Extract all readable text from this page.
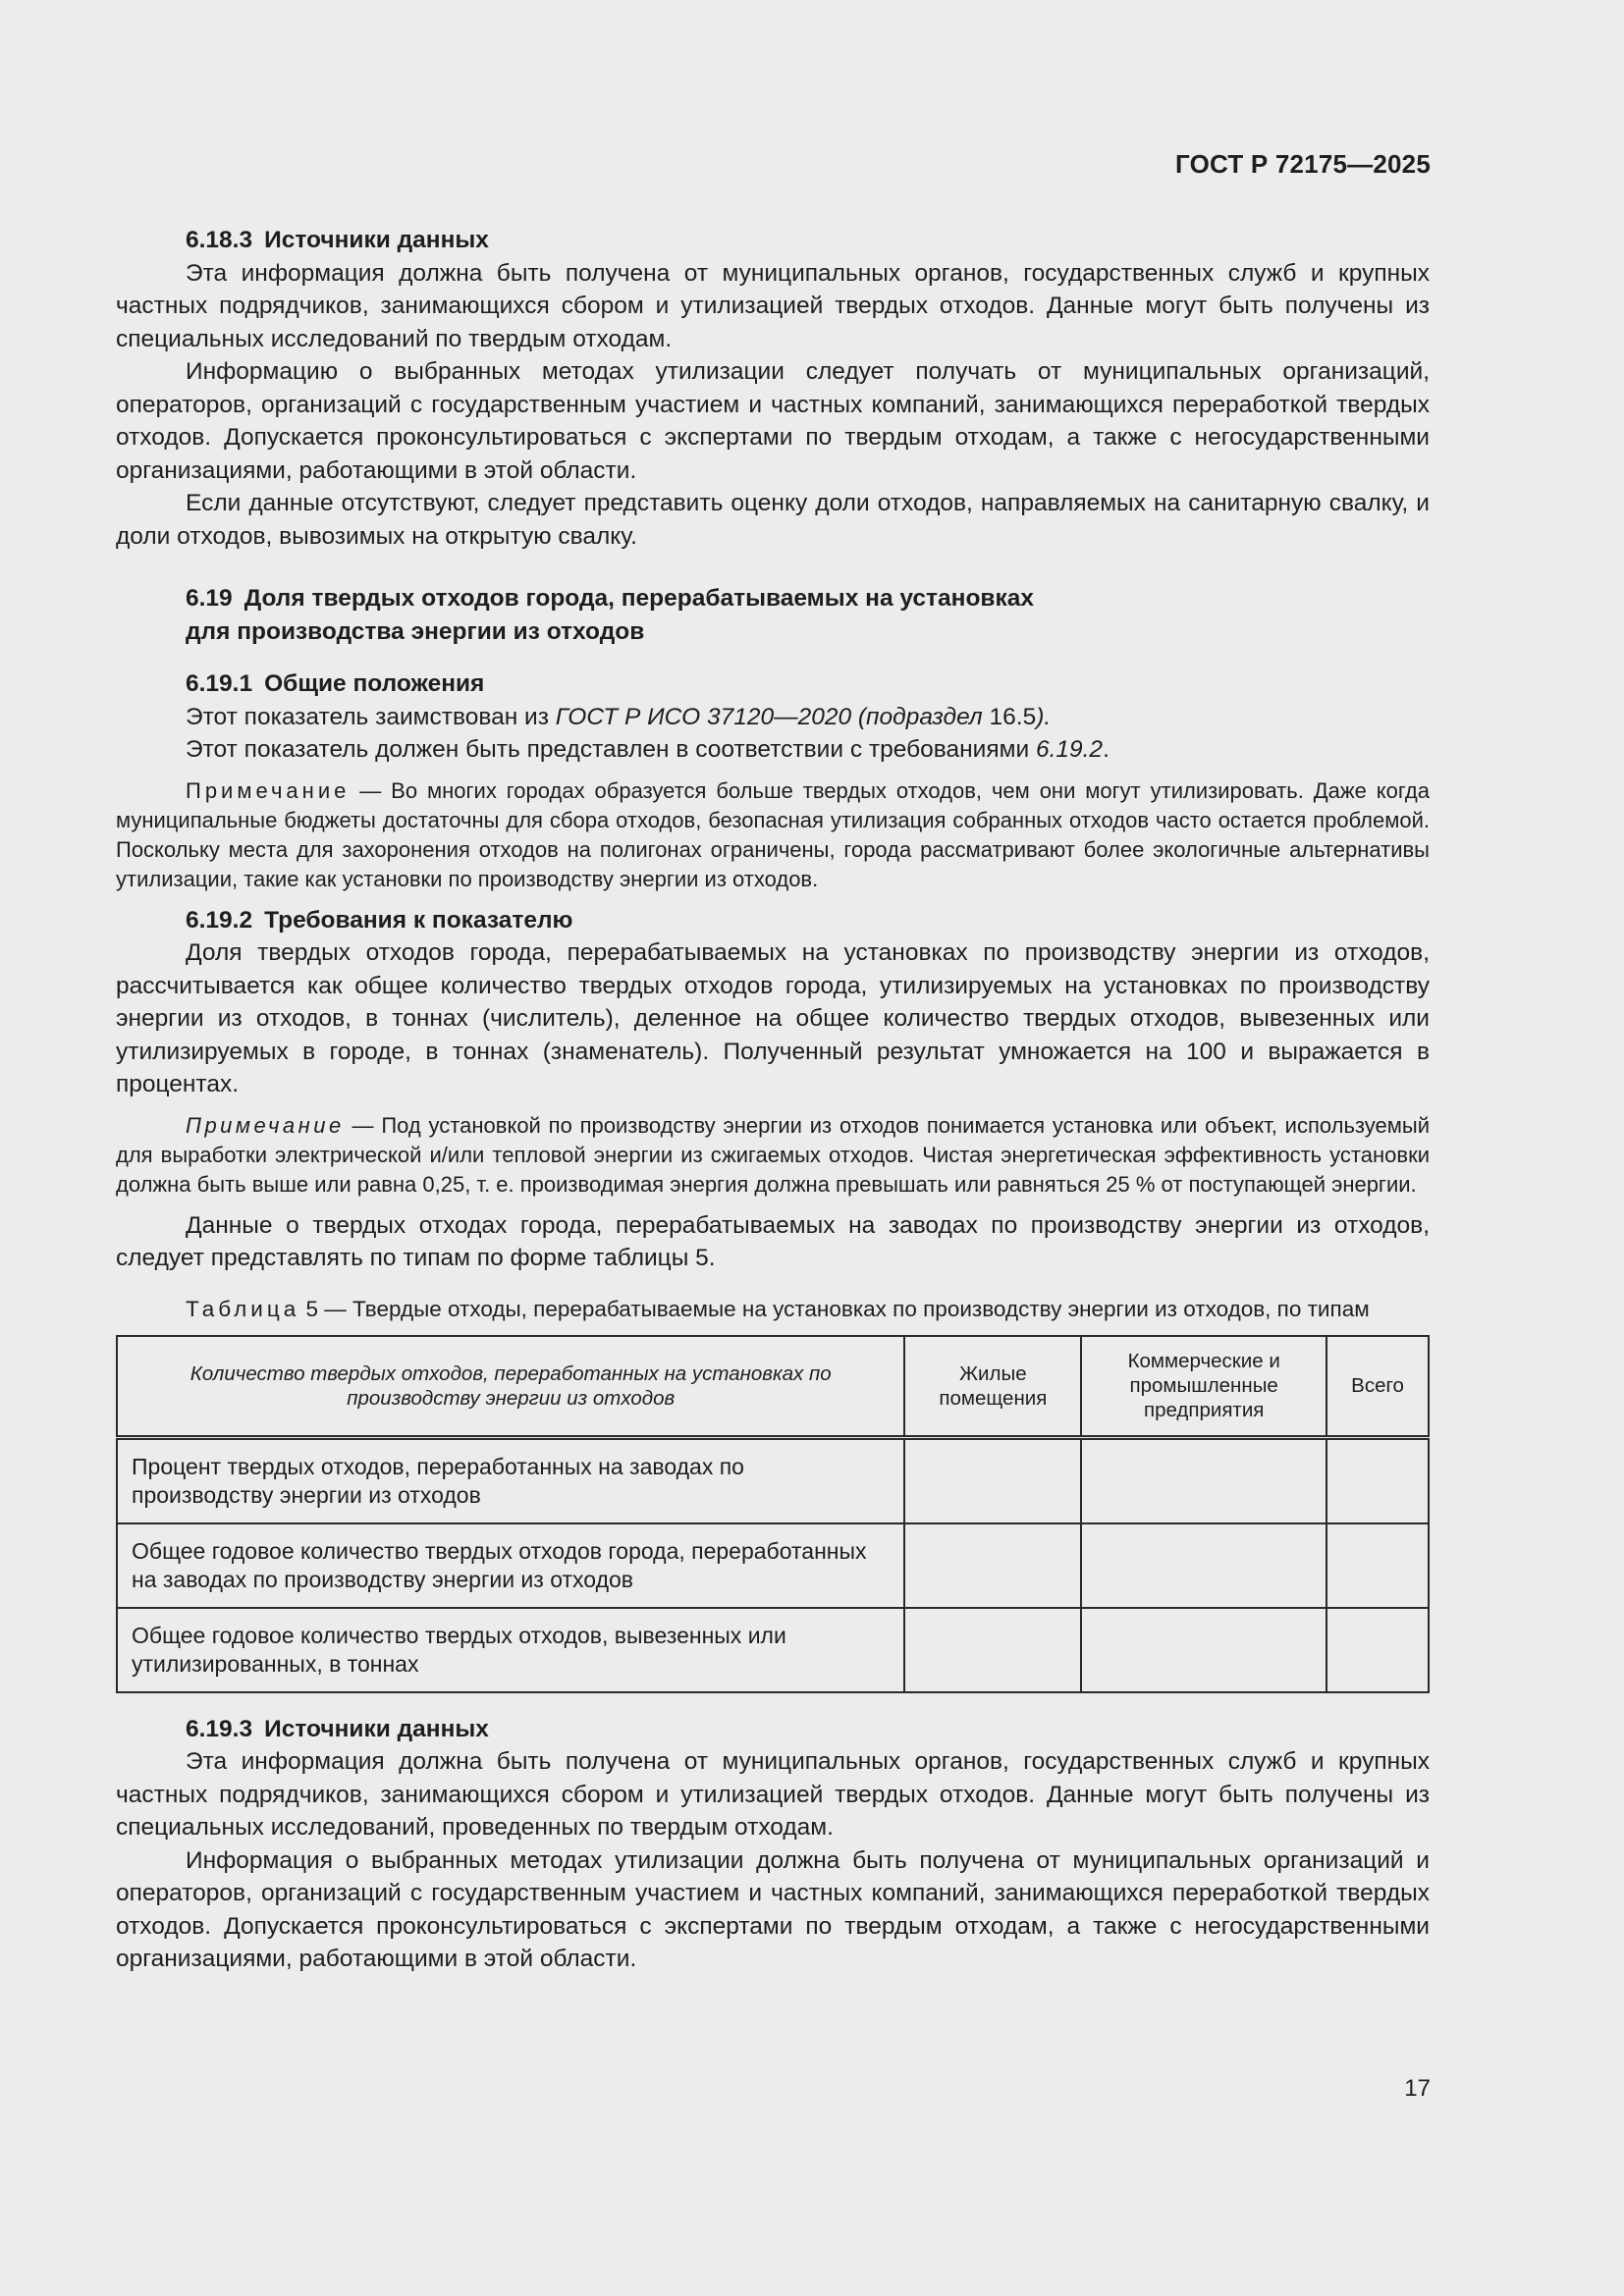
ГОСТ Р 72175—2025
6.18.3 Источники данных

Эта информация должна быть получена от муниципальных органов, государственных служб и крупных частных подрядчиков, занимающихся сбором и утилизацией твердых отходов. Данные могут быть получены из специальных исследований по твердым отходам.

Информацию о выбранных методах утилизации следует получать от муниципальных организаций, операторов, организаций с государственным участием и частных компаний, занимающихся переработкой твердых отходов. Допускается проконсультироваться с экспертами по твердым отходам, а также с негосударственными организациями, работающими в этой области.

Если данные отсутствуют, следует представить оценку доли отходов, направляемых на санитарную свалку, и доли отходов, вывозимых на открытую свалку.

6.19 Доля твердых отходов города, перерабатываемых на установках
для производства энергии из отходов
6.19.1 Общие положения

Этот показатель заимствован из ГОСТ Р ИСО 37120—2020 (подраздел 16.5).

Этот показатель должен быть представлен в соответствии с требованиями 6.19.2.

Примечание — Во многих городах образуется больше твердых отходов, чем они могут утилизировать. Даже когда муниципальные бюджеты достаточны для сбора отходов, безопасная утилизация собранных отходов часто остается проблемой. Поскольку места для захоронения отходов на полигонах ограничены, города рассматривают более экологичные альтернативы утилизации, такие как установки по производству энергии из отходов.

6.19.2 Требования к показателю

Доля твердых отходов города, перерабатываемых на установках по производству энергии из отходов, рассчитывается как общее количество твердых отходов города, утилизируемых на установках по производству энергии из отходов, в тоннах (числитель), деленное на общее количество твердых отходов, вывезенных или утилизируемых в городе, в тоннах (знаменатель). Полученный результат умножается на 100 и выражается в процентах.

Примечание — Под установкой по производству энергии из отходов понимается установка или объект, используемый для выработки электрической и/или тепловой энергии из сжигаемых отходов. Чистая энергетическая эффективность установки должна быть выше или равна 0,25, т. е. производимая энергия должна превышать или равняться 25 % от поступающей энергии.

Данные о твердых отходах города, перерабатываемых на заводах по производству энергии из отходов, следует представлять по типам по форме таблицы 5.

Таблица 5 — Твердые отходы, перерабатываемые на установках по производству энергии из отходов, по типам

Количество твердых отходов, переработанных на установках по производству энергии из отходов	Жилые помещения	Коммерческие и промышленные предприятия	Всего
Процент твердых отходов, переработанных на заводах по производству энергии из отходов			
Общее годовое количество твердых отходов города, переработанных на заводах по производству энергии из отходов			
Общее годовое количество твердых отходов, вывезенных или утилизированных, в тоннах			
6.19.3 Источники данных

Эта информация должна быть получена от муниципальных органов, государственных служб и крупных частных подрядчиков, занимающихся сбором и утилизацией твердых отходов. Данные могут быть получены из специальных исследований, проведенных по твердым отходам.

Информация о выбранных методах утилизации должна быть получена от муниципальных организаций и операторов, организаций с государственным участием и частных компаний, занимающихся переработкой твердых отходов. Допускается проконсультироваться с экспертами по твердым отходам, а также с негосударственными организациями, работающими в этой области.

17
